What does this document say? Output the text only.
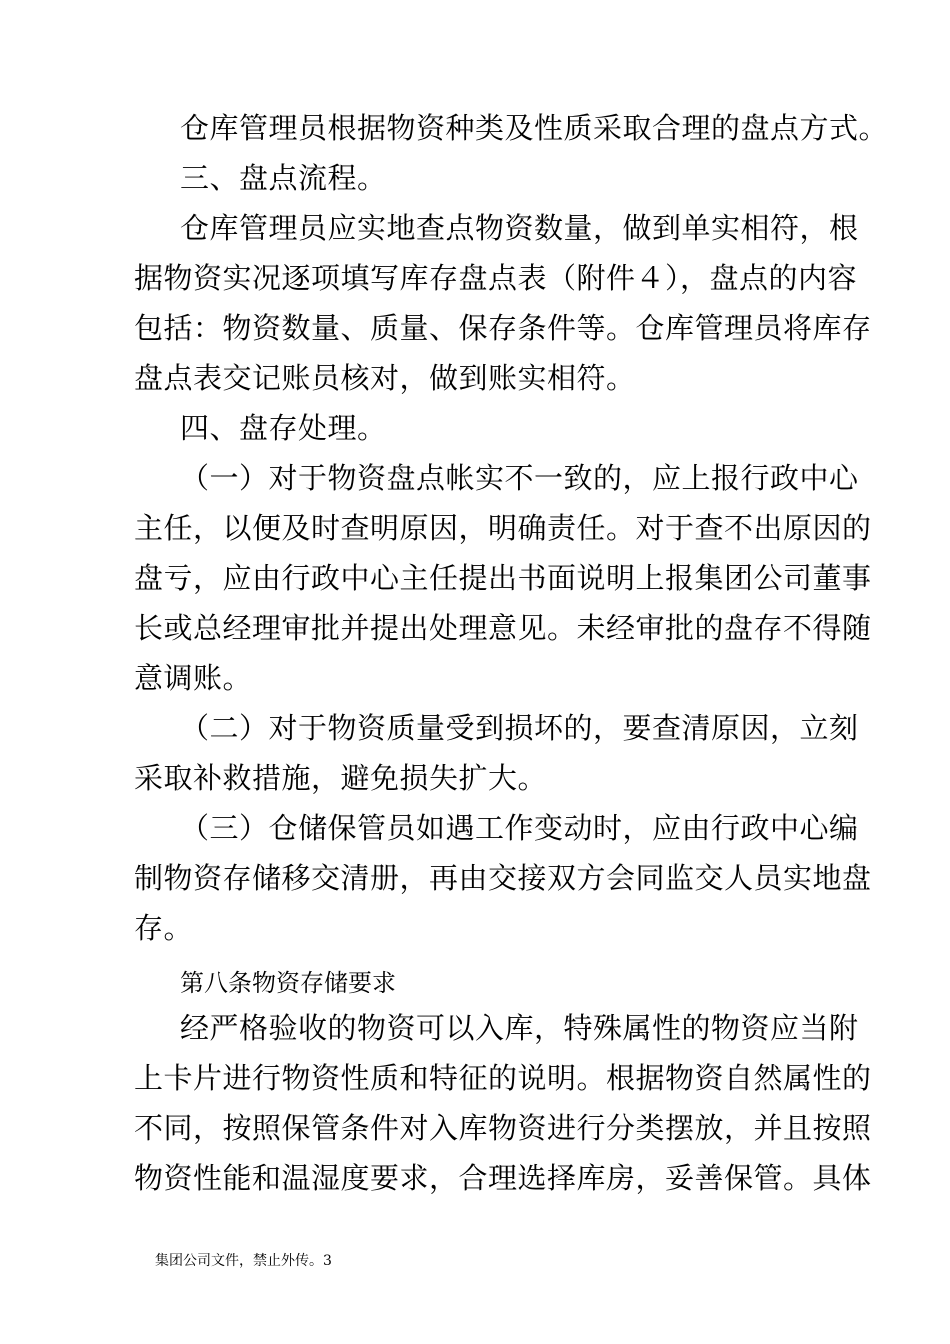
仓库管理员根据物资种类及性质采取合理的盘点方式。
三、盘点流程。
仓库管理员应实地查点物资数量，做到单实相符，根
据物资实况逐项填写库存盘点表（附件４），盘点的内容
包括：物资数量、质量、保存条件等。仓库管理员将库存
盘点表交记账员核对，做到账实相符。
四、盘存处理。
（一）对于物资盘点帐实不一致的，应上报行政中心
主任，以便及时查明原因，明确责任。对于查不出原因的
盘亏，应由行政中心主任提出书面说明上报集团公司董事
长或总经理审批并提出处理意见。未经审批的盘存不得随
意调账。
（二）对于物资质量受到损坏的，要查清原因，立刻
采取补救措施，避免损失扩大。
（三）仓储保管员如遇工作变动时，应由行政中心编
制物资存储移交清册，再由交接双方会同监交人员实地盘
存。
第八条物资存储要求
经严格验收的物资可以入库，特殊属性的物资应当附
上卡片进行物资性质和特征的说明。根据物资自然属性的
不同，按照保管条件对入库物资进行分类摆放，并且按照
物资性能和温湿度要求，合理选择库房，妥善保管。具体
集团公司文件，禁止外传。3
